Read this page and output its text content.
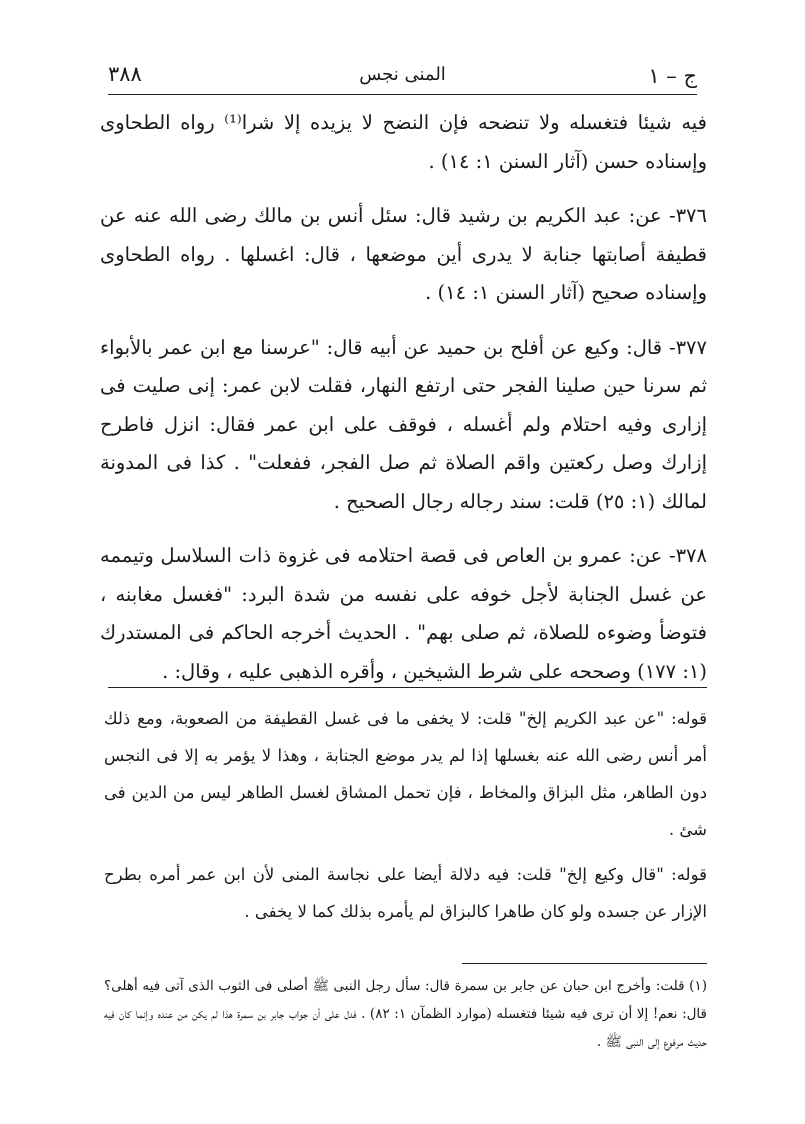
ج – ١
المنى نجس
٣٨٨

فيه شيئا فتغسله ولا تنضحه فإن النضح لا يزيده إلا شرا⁽¹⁾ رواه الطحاوى وإسناده حسن (آثار السنن ١: ١٤) .

٣٧٦- عن: عبد الكريم بن رشيد قال: سئل أنس بن مالك رضى الله عنه عن قطيفة أصابتها جنابة لا يدرى أين موضعها ، قال: اغسلها . رواه الطحاوى وإسناده صحيح (آثار السنن ١: ١٤) .

٣٧٧- قال: وكيع عن أفلح بن حميد عن أبيه قال: "عرسنا مع ابن عمر بالأبواء ثم سرنا حين صلينا الفجر حتى ارتفع النهار، فقلت لابن عمر: إنى صليت فى إزارى وفيه احتلام ولم أغسله ، فوقف على ابن عمر فقال: انزل فاطرح إزارك وصل ركعتين واقم الصلاة ثم صل الفجر، ففعلت" . كذا فى المدونة لمالك (١: ٢٥) قلت: سند رجاله رجال الصحيح .

٣٧٨- عن: عمرو بن العاص فى قصة احتلامه فى غزوة ذات السلاسل وتيممه عن غسل الجنابة لأجل خوفه على نفسه من شدة البرد: "فغسل مغابنه ، فتوضأ وضوءه للصلاة، ثم صلى بهم" . الحديث أخرجه الحاكم فى المستدرك (١: ١٧٧) وصححه على شرط الشيخين ، وأقره الذهبى عليه ، وقال: .

قوله: "عن عبد الكريم إلخ" قلت: لا يخفى ما فى غسل القطيفة من الصعوبة، ومع ذلك أمر أنس رضى الله عنه بغسلها إذا لم يدر موضع الجنابة ، وهذا لا يؤمر به إلا فى النجس دون الطاهر، مثل البزاق والمخاط ، فإن تحمل المشاق لغسل الطاهر ليس من الدين فى شئ .

قوله: "قال وكيع إلخ" قلت: فيه دلالة أيضا على نجاسة المنى لأن ابن عمر أمره بطرح الإزار عن جسده ولو كان طاهرا كالبزاق لم يأمره بذلك كما لا يخفى .

(١) قلت: وأخرج ابن حبان عن جابر بن سمرة قال: سأل رجل النبى ﷺ أصلى فى الثوب الذى آتى فيه أهلى؟ قال: نعم! إلا أن ترى فيه شيئا فتغسله (موارد الظمآن ١: ٨٢) . فدل على أن جواب جابر بن سمرة هذا لم يكن من عنده وإنما كان فيه حديث مرفوع إلى النبى ﷺ .
